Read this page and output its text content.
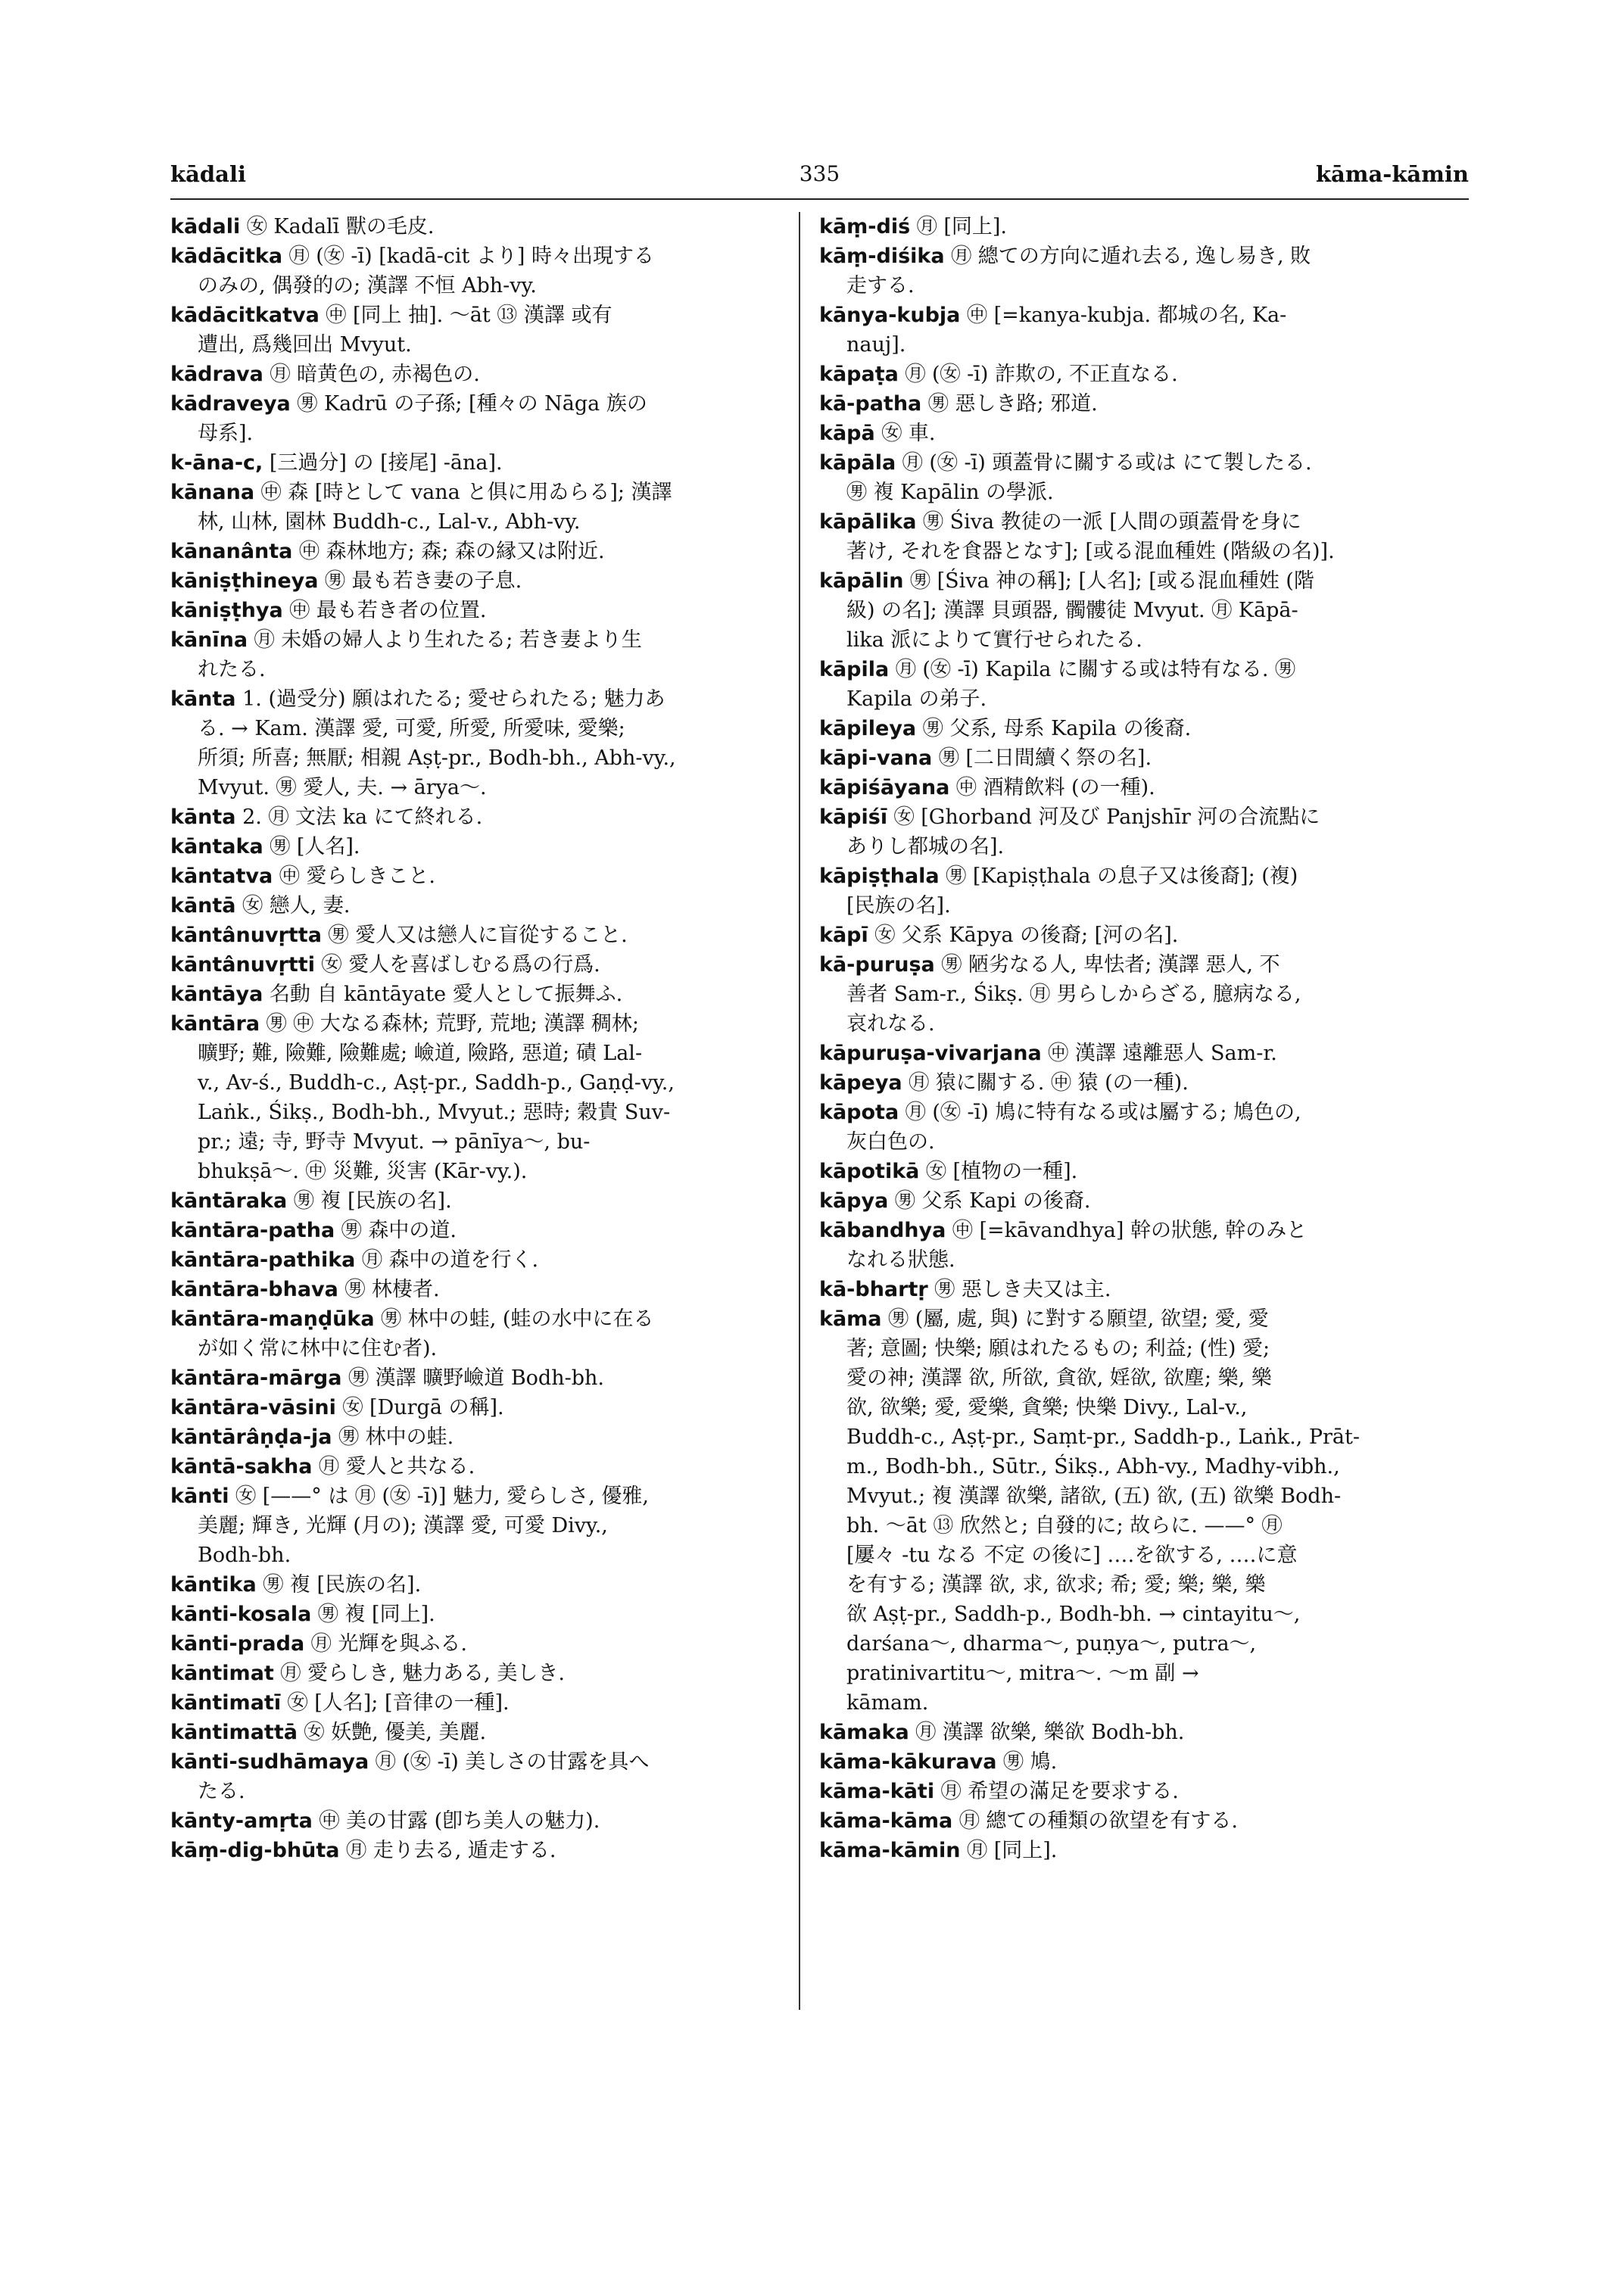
kādali	335	kāma-kāmin
kādali ㊛ Kadalī 獸の毛皮.
kādācitka ㊊ (㊛ -ī) [kadā-cit より] 時々出現する
のみの, 偶發的の; 漢譯 不恒 Abh-vy.
kādācitkatva ㊥ [同上 抽]. 〜āt ⑬ 漢譯 或有
遭出, 爲幾回出 Mvyut.
kādrava ㊊ 暗黄色の, 赤褐色の.
kādraveya ㊚ Kadrū の子孫; [種々の Nāga 族の
母系].
k-āna-c, [三過分] の [接尾] -āna].
kānana ㊥ 森 [時として vana と俱に用ゐらる]; 漢譯
林, 山林, 園林 Buddh-c., Lal-v., Abh-vy.
kānanânta ㊥ 森林地方; 森; 森の縁又は附近.
kāniṣṭhineya ㊚ 最も若き妻の子息.
kāniṣṭhya ㊥ 最も若き者の位置.
kānīna ㊊ 未婚の婦人より生れたる; 若き妻より生
れたる.
kānta 1. (過受分) 願はれたる; 愛せられたる; 魅力あ
る. → Kam. 漢譯 愛, 可愛, 所愛, 所愛味, 愛樂;
所須; 所喜; 無厭; 相親 Aṣṭ-pr., Bodh-bh., Abh-vy.,
Mvyut. ㊚ 愛人, 夫. → ārya〜.
kānta 2. ㊊ 文法 ka にて終れる.
kāntaka ㊚ [人名].
kāntatva ㊥ 愛らしきこと.
kāntā ㊛ 戀人, 妻.
kāntânuvṛtta ㊚ 愛人又は戀人に盲從すること.
kāntânuvṛtti ㊛ 愛人を喜ばしむる爲の行爲.
kāntāya 名動 自 kāntāyate 愛人として振舞ふ.
kāntāra ㊚ ㊥ 大なる森林; 荒野, 荒地; 漢譯 稠林;
曠野; 難, 險難, 險難處; 嶮道, 險路, 惡道; 磧 Lal-
v., Av-ś., Buddh-c., Aṣṭ-pr., Saddh-p., Gaṇḍ-vy.,
Laṅk., Śikṣ., Bodh-bh., Mvyut.; 惡時; 穀貴 Suv-
pr.; 遠; 寺, 野寺 Mvyut. → pānīya〜, bu-
bhukṣā〜. ㊥ 災難, 災害 (Kār-vy.).
kāntāraka ㊚ 複 [民族の名].
kāntāra-patha ㊚ 森中の道.
kāntāra-pathika ㊊ 森中の道を行く.
kāntāra-bhava ㊚ 林棲者.
kāntāra-maṇḍūka ㊚ 林中の蛙, (蛙の水中に在る
が如く常に林中に住む者).
kāntāra-mārga ㊚ 漢譯 曠野嶮道 Bodh-bh.
kāntāra-vāsini ㊛ [Durgā の稱].
kāntārâṇḍa-ja ㊚ 林中の蛙.
kāntā-sakha ㊊ 愛人と共なる.
kānti ㊛ [——° は ㊊ (㊛ -ī)] 魅力, 愛らしさ, 優雅,
美麗; 輝き, 光輝 (月の); 漢譯 愛, 可愛 Divy.,
Bodh-bh.
kāntika ㊚ 複 [民族の名].
kānti-kosala ㊚ 複 [同上].
kānti-prada ㊊ 光輝を與ふる.
kāntimat ㊊ 愛らしき, 魅力ある, 美しき.
kāntimatī ㊛ [人名]; [音律の一種].
kāntimattā ㊛ 妖艶, 優美, 美麗.
kānti-sudhāmaya ㊊ (㊛ -ī) 美しさの甘露を具へ
たる.
kānty-amṛta ㊥ 美の甘露 (卽ち美人の魅力).
kāṃ-dig-bhūta ㊊ 走り去る, 遁走する.
kāṃ-diś ㊊ [同上].
kāṃ-diśika ㊊ 總ての方向に遁れ去る, 逸し易き, 敗
走する.
kānya-kubja ㊥ [=kanya-kubja. 都城の名, Ka-
nauj].
kāpaṭa ㊊ (㊛ -ī) 詐欺の, 不正直なる.
kā-patha ㊚ 惡しき路; 邪道.
kāpā ㊛ 車.
kāpāla ㊊ (㊛ -ī) 頭蓋骨に關する或は にて製したる.
㊚ 複 Kapālin の學派.
kāpālika ㊚ Śiva 教徒の一派 [人間の頭蓋骨を身に
著け, それを食器となす]; [或る混血種姓 (階級の名)].
kāpālin ㊚ [Śiva 神の稱]; [人名]; [或る混血種姓 (階
級) の名]; 漢譯 貝頭器, 髑髏徒 Mvyut. ㊊ Kāpā-
lika 派によりて實行せられたる.
kāpila ㊊ (㊛ -ī) Kapila に關する或は特有なる. ㊚
Kapila の弟子.
kāpileya ㊚ 父系, 母系 Kapila の後裔.
kāpi-vana ㊚ [二日間續く祭の名].
kāpiśāyana ㊥ 酒精飲料 (の一種).
kāpiśī ㊛ [Ghorband 河及び Panjshīr 河の合流點に
ありし都城の名].
kāpiṣṭhala ㊚ [Kapiṣṭhala の息子又は後裔]; (複)
[民族の名].
kāpī ㊛ 父系 Kāpya の後裔; [河の名].
kā-puruṣa ㊚ 陋劣なる人, 卑怯者; 漢譯 惡人, 不
善者 Sam-r., Śikṣ. ㊊ 男らしからざる, 臆病なる,
哀れなる.
kāpuruṣa-vivarjana ㊥ 漢譯 遠離惡人 Sam-r.
kāpeya ㊊ 猿に關する. ㊥ 猿 (の一種).
kāpota ㊊ (㊛ -ī) 鳩に特有なる或は屬する; 鳩色の,
灰白色の.
kāpotikā ㊛ [植物の一種].
kāpya ㊚ 父系 Kapi の後裔.
kābandhya ㊥ [=kāvandhya] 幹の狀態, 幹のみと
なれる狀態.
kā-bhartṛ ㊚ 惡しき夫又は主.
kāma ㊚ (屬, 處, 與) に對する願望, 欲望; 愛, 愛
著; 意圖; 快樂; 願はれたるもの; 利益; (性) 愛;
愛の神; 漢譯 欲, 所欲, 貪欲, 婬欲, 欲塵; 樂, 樂
欲, 欲樂; 愛, 愛樂, 貪樂; 快樂 Divy., Lal-v.,
Buddh-c., Aṣṭ-pr., Saṃt-pr., Saddh-p., Laṅk., Prāt-
m., Bodh-bh., Sūtr., Śikṣ., Abh-vy., Madhy-vibh.,
Mvyut.; 複 漢譯 欲樂, 諸欲, (五) 欲, (五) 欲樂 Bodh-
bh. 〜āt ⑬ 欣然と; 自發的に; 故らに. ——° ㊊
[屢々 -tu なる 不定 の後に] ‥‥を欲する, ‥‥に意
を有する; 漢譯 欲, 求, 欲求; 希; 愛; 樂; 樂, 樂
欲 Aṣṭ-pr., Saddh-p., Bodh-bh. → cintayitu〜,
darśana〜, dharma〜, puṇya〜, putra〜,
pratinivartitu〜, mitra〜. 〜m 副 →
kāmam.
kāmaka ㊊ 漢譯 欲樂, 樂欲 Bodh-bh.
kāma-kākurava ㊚ 鳩.
kāma-kāti ㊊ 希望の滿足を要求する.
kāma-kāma ㊊ 總ての種類の欲望を有する.
kāma-kāmin ㊊ [同上].
